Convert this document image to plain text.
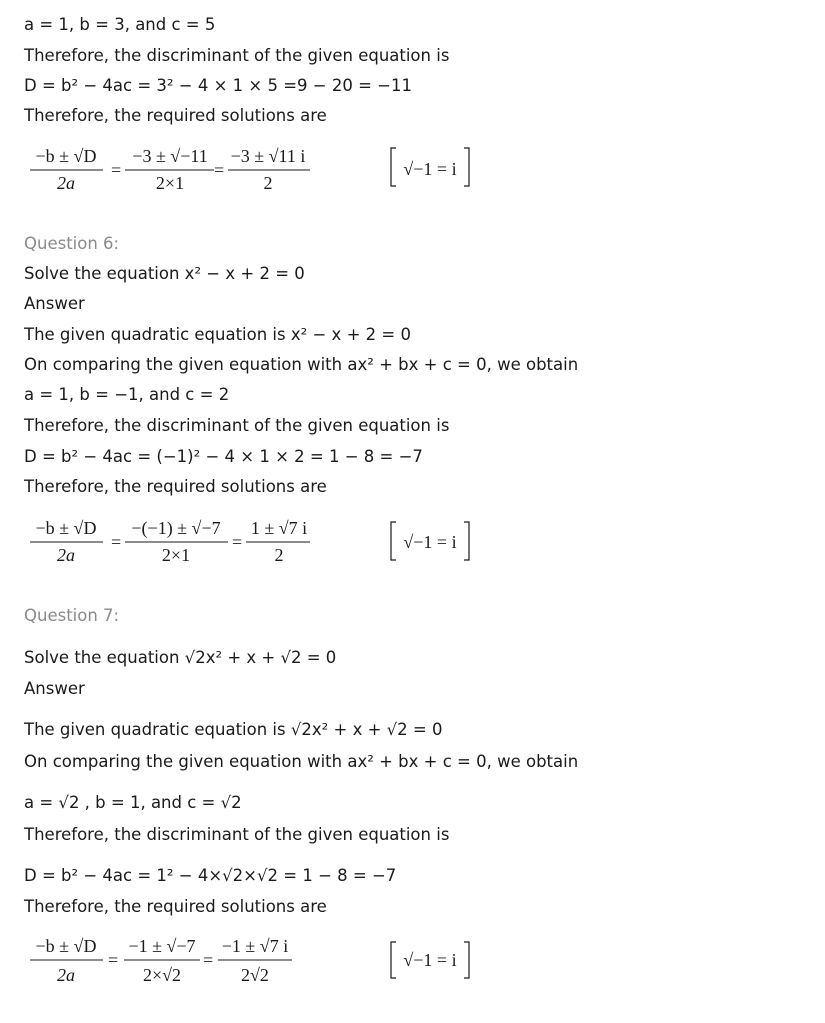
a = 1, b = 3, and c = 5
Therefore, the discriminant of the given equation is
D = b² − 4ac = 3² − 4 × 1 × 5 =9 − 20 = −11
Therefore, the required solutions are
−b ± √D
2a
=
−3 ± √−11
2×1
=
−3 ± √11 i
2
√−1 = i
Question 6:
Solve the equation x² − x + 2 = 0
Answer
The given quadratic equation is x² − x + 2 = 0
On comparing the given equation with ax² + bx + c = 0, we obtain
a = 1, b = −1, and c = 2
Therefore, the discriminant of the given equation is
D = b² − 4ac = (−1)² − 4 × 1 × 2 = 1 − 8 = −7
Therefore, the required solutions are
−b ± √D
2a
=
−(−1) ± √−7
2×1
=
1 ± √7 i
2
√−1 = i
Question 7:
Solve the equation √2x² + x + √2 = 0
Answer
The given quadratic equation is √2x² + x + √2 = 0
On comparing the given equation with ax² + bx + c = 0, we obtain
a = √2 , b = 1, and c = √2
Therefore, the discriminant of the given equation is
D = b² − 4ac = 1² − 4×√2×√2 = 1 − 8 = −7
Therefore, the required solutions are
−b ± √D
2a
=
−1 ± √−7
2×√2
=
−1 ± √7 i
2√2
√−1 = i
